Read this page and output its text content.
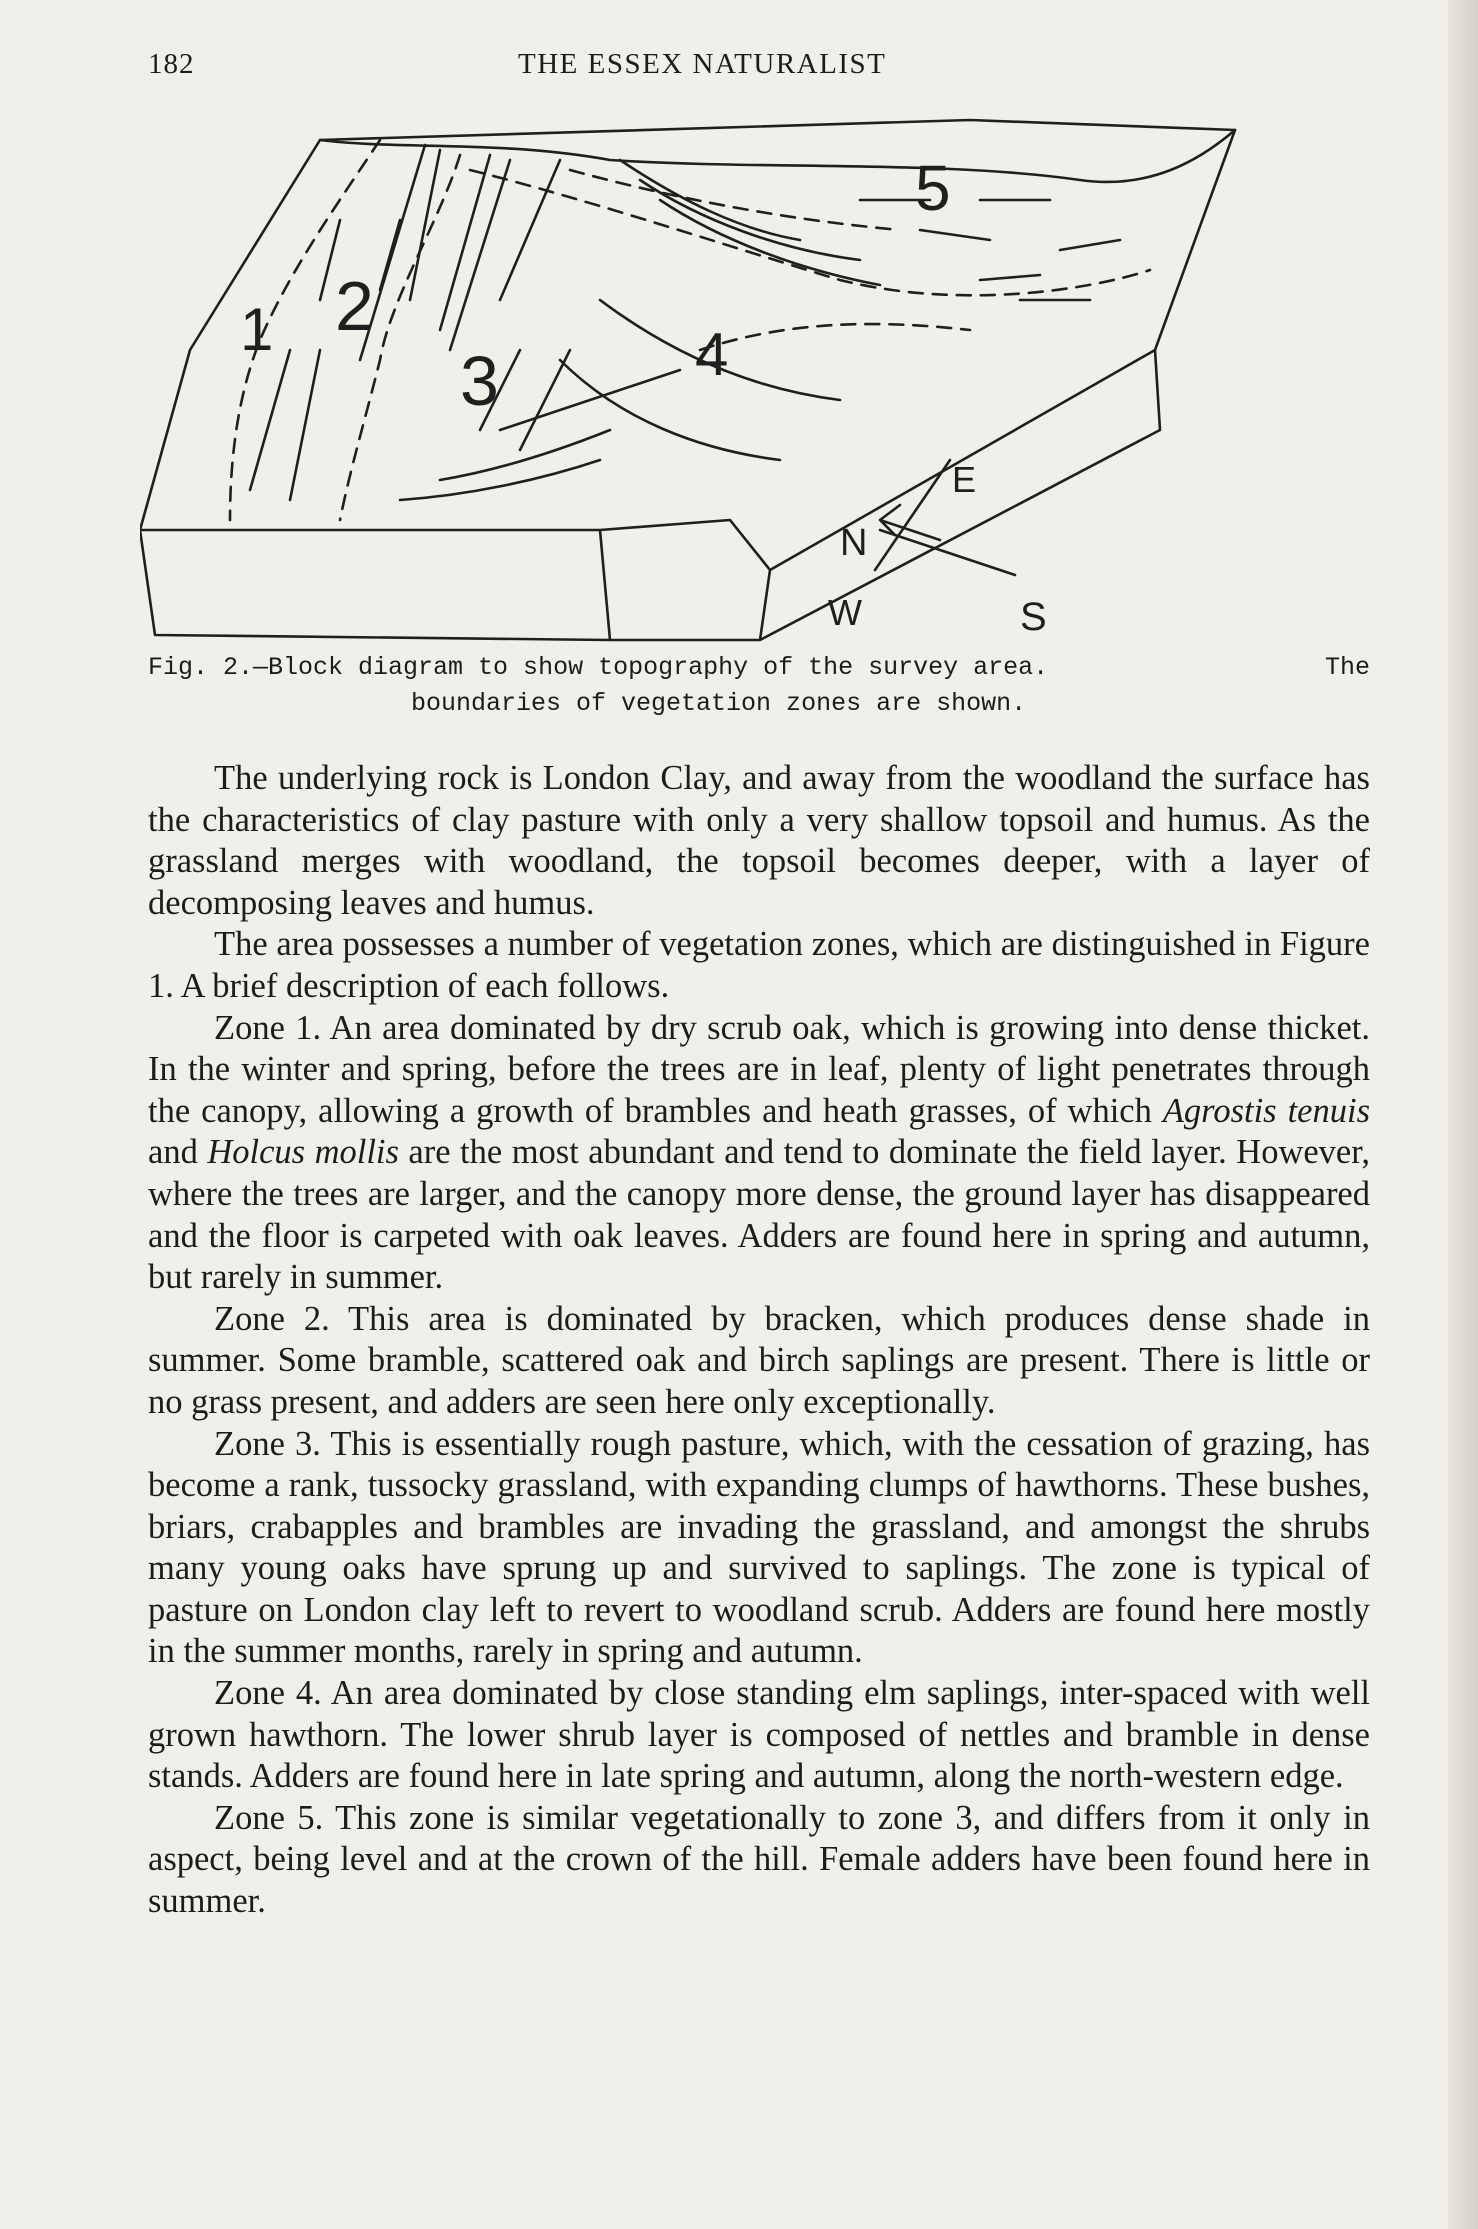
182	THE ESSEX NATURALIST
1 2
3	4
5
N
E
W	S
Fig. 2.—Block diagram to show topography of the survey area.	The
boundaries of vegetation zones are shown.

The underlying rock is London Clay, and away from the woodland the surface has the characteristics of clay pasture with only a very shallow topsoil and humus. As the grassland merges with woodland, the topsoil becomes deeper, with a layer of decomposing leaves and humus.

The area possesses a number of vegetation zones, which are distinguished in Figure 1. A brief description of each follows.

Zone 1. An area dominated by dry scrub oak, which is growing into dense thicket. In the winter and spring, before the trees are in leaf, plenty of light penetrates through the canopy, allowing a growth of brambles and heath grasses, of which Agrostis tenuis and Holcus mollis are the most abundant and tend to dominate the field layer. However, where the trees are larger, and the canopy more dense, the ground layer has disappeared and the floor is carpeted with oak leaves. Adders are found here in spring and autumn, but rarely in summer.

Zone 2. This area is dominated by bracken, which produces dense shade in summer. Some bramble, scattered oak and birch saplings are present. There is little or no grass present, and adders are seen here only exceptionally.

Zone 3. This is essentially rough pasture, which, with the cessation of grazing, has become a rank, tussocky grassland, with expanding clumps of hawthorns. These bushes, briars, crabapples and brambles are invading the grassland, and amongst the shrubs many young oaks have sprung up and survived to saplings. The zone is typical of pasture on London clay left to revert to woodland scrub. Adders are found here mostly in the summer months, rarely in spring and autumn.

Zone 4. An area dominated by close standing elm saplings, inter-spaced with well grown hawthorn. The lower shrub layer is composed of nettles and bramble in dense stands. Adders are found here in late spring and autumn, along the north-western edge.

Zone 5. This zone is similar vegetationally to zone 3, and differs from it only in aspect, being level and at the crown of the hill. Female adders have been found here in summer.
